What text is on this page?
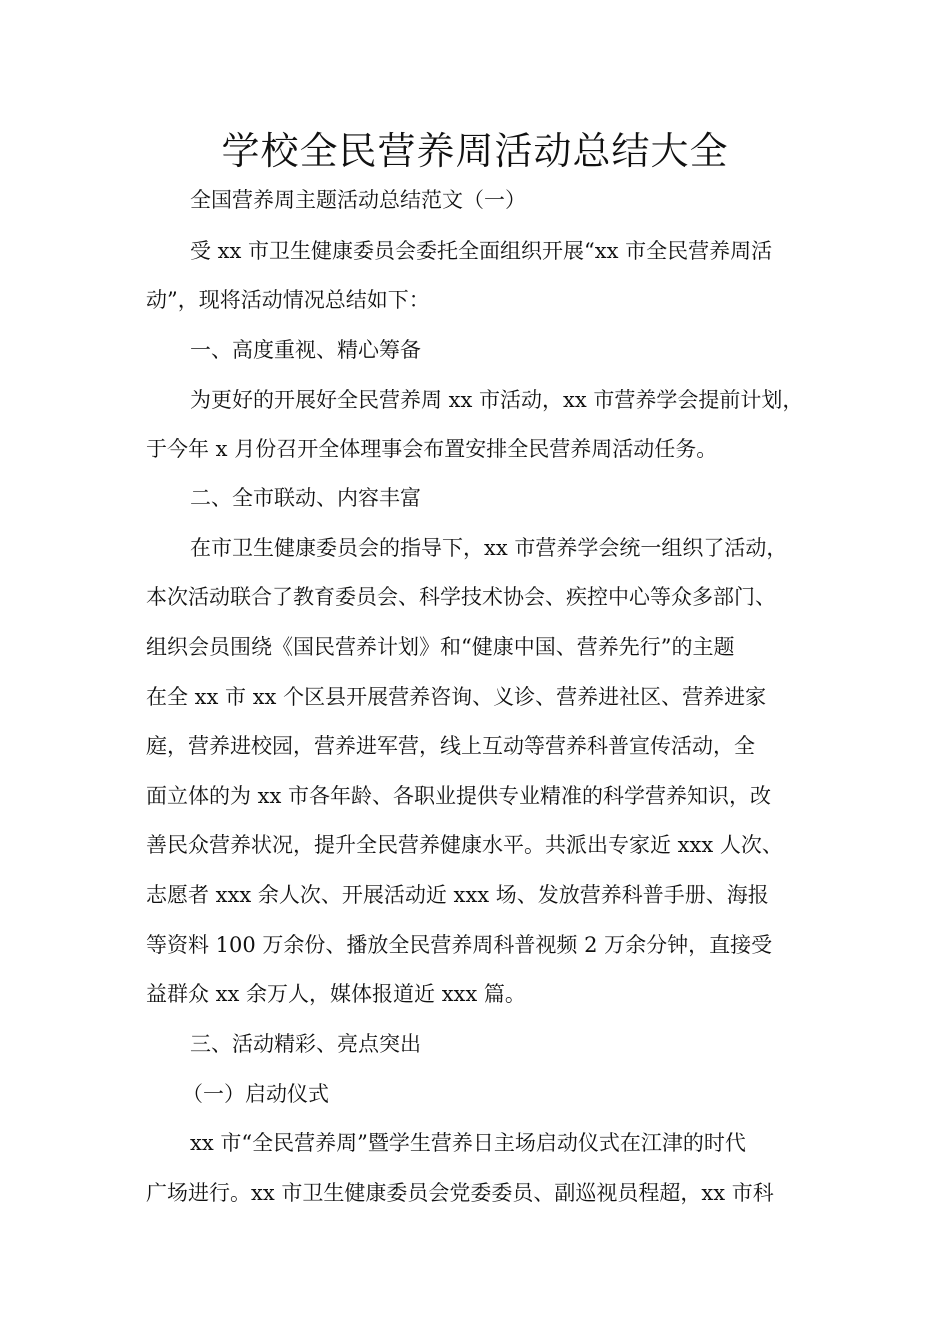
学校全民营养周活动总结大全
全国营养周主题活动总结范文（一）
受 xx 市卫生健康委员会委托全面组织开展“xx 市全民营养周活
动”，现将活动情况总结如下：
一、高度重视、精心筹备
为更好的开展好全民营养周 xx 市活动，xx 市营养学会提前计划，
于今年 x 月份召开全体理事会布置安排全民营养周活动任务。
二、全市联动、内容丰富
在市卫生健康委员会的指导下，xx 市营养学会统一组织了活动，
本次活动联合了教育委员会、科学技术协会、疾控中心等众多部门、
组织会员围绕《国民营养计划》和“健康中国、营养先行”的主题
在全 xx 市 xx 个区县开展营养咨询、义诊、营养进社区、营养进家
庭，营养进校园，营养进军营，线上互动等营养科普宣传活动，全
面立体的为 xx 市各年龄、各职业提供专业精准的科学营养知识，改
善民众营养状况，提升全民营养健康水平。共派出专家近 xxx 人次、
志愿者 xxx 余人次、开展活动近 xxx 场、发放营养科普手册、海报
等资料 100 万余份、播放全民营养周科普视频 2 万余分钟，直接受
益群众 xx 余万人，媒体报道近 xxx 篇。
三、活动精彩、亮点突出
（一）启动仪式
xx 市“全民营养周”暨学生营养日主场启动仪式在江津的时代
广场进行。xx 市卫生健康委员会党委委员、副巡视员程超，xx 市科
